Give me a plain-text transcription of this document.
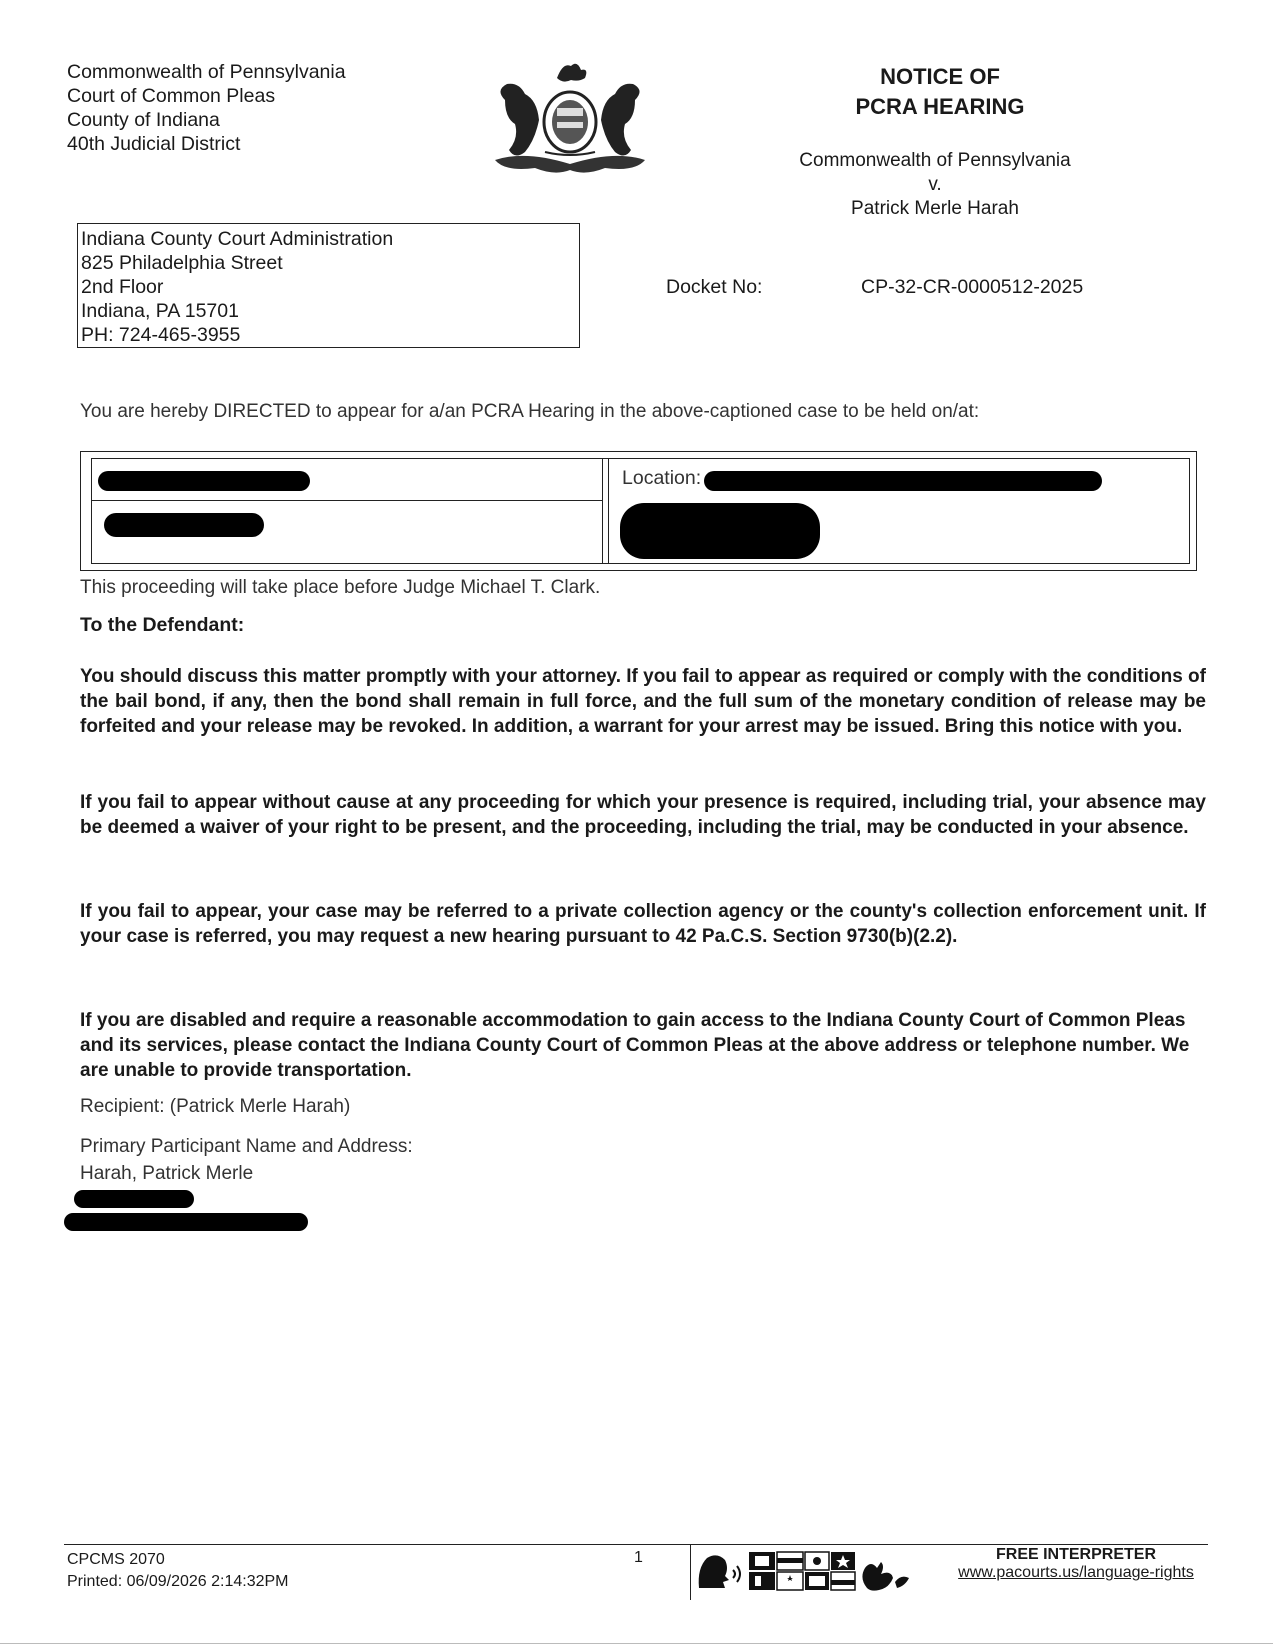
Commonwealth of Pennsylvania
Court of Common Pleas
County of Indiana
40th Judicial District
NOTICE OF
PCRA HEARING
Commonwealth of Pennsylvania
v.
Patrick Merle Harah
Indiana County Court Administration
825 Philadelphia Street
2nd Floor
Indiana, PA 15701
PH: 724-465-3955
Docket No:	CP-32-CR-0000512-2025
You are hereby DIRECTED to appear for a/an PCRA Hearing in the above-captioned case to be held on/at:
Location:
This proceeding will take place before Judge Michael T. Clark.
To the Defendant:
You should discuss this matter promptly with your attorney. If you fail to appear as required or comply with the conditions of the bail bond, if any, then the bond shall remain in full force, and the full sum of the monetary condition of release may be forfeited and your release may be revoked. In addition, a warrant for your arrest may be issued. Bring this notice with you.
If you fail to appear without cause at any proceeding for which your presence is required, including trial, your absence may be deemed a waiver of your right to be present, and the proceeding, including the trial, may be conducted in your absence.
If you fail to appear, your case may be referred to a private collection agency or the county's collection enforcement unit. If your case is referred, you may request a new hearing pursuant to 42 Pa.C.S. Section 9730(b)(2.2).
If you are disabled and require a reasonable accommodation to gain access to the Indiana County Court of Common Pleas and its services, please contact the Indiana County Court of Common Pleas at the above address or telephone number. We are unable to provide transportation.
Recipient: (Patrick Merle Harah)
Primary Participant Name and Address:
Harah, Patrick Merle
CPCMS 2070
Printed: 06/09/2026 2:14:32PM
1	FREE INTERPRETER
www.pacourts.us/language-rights
